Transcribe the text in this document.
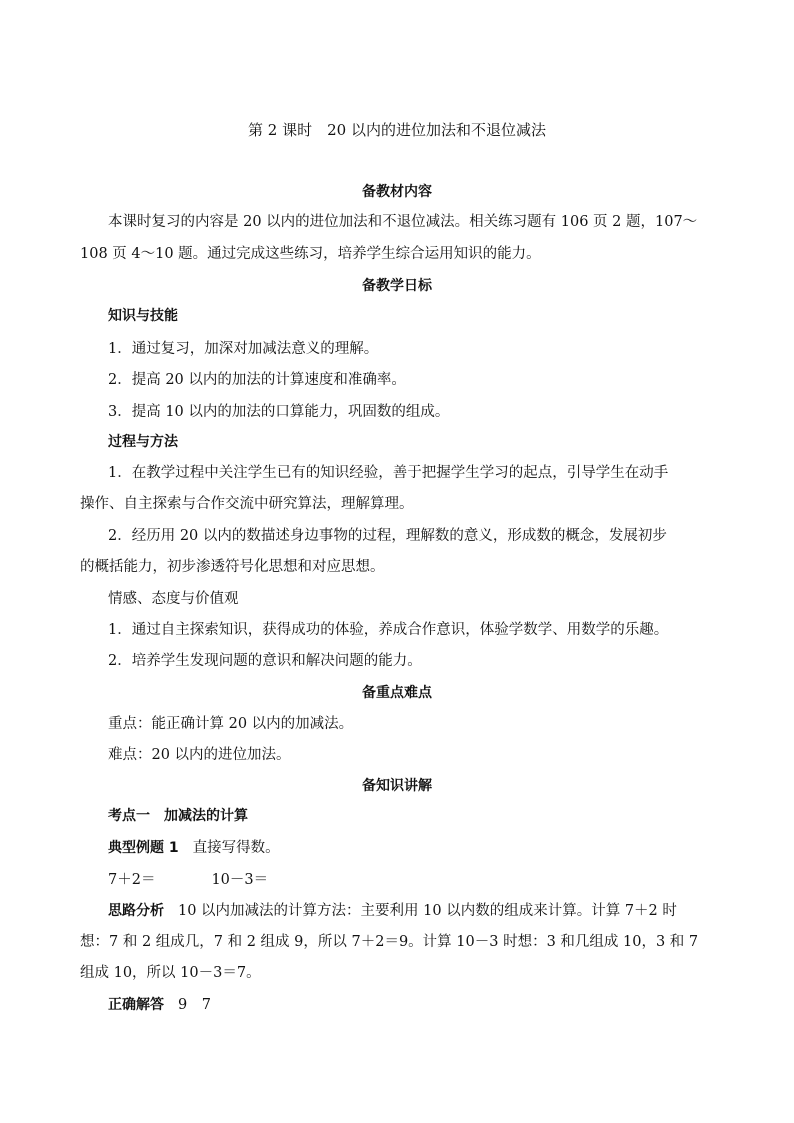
第 2 课时　20 以内的进位加法和不退位减法
备教材内容
本课时复习的内容是 20 以内的进位加法和不退位减法。相关练习题有 106 页 2 题，107～
108 页 4～10 题。通过完成这些练习，培养学生综合运用知识的能力。
备教学日标
知识与技能
1．通过复习，加深对加减法意义的理解。
2．提高 20 以内的加法的计算速度和准确率。
3．提高 10 以内的加法的口算能力，巩固数的组成。
过程与方法
1．在教学过程中关注学生已有的知识经验，善于把握学生学习的起点，引导学生在动手
操作、自主探索与合作交流中研究算法，理解算理。
2．经历用 20 以内的数描述身边事物的过程，理解数的意义，形成数的概念，发展初步
的概括能力，初步渗透符号化思想和对应思想。
情感、态度与价值观
1．通过自主探索知识，获得成功的体验，养成合作意识，体验学数学、用数学的乐趣。
2．培养学生发现问题的意识和解决问题的能力。
备重点难点
重点：能正确计算 20 以内的加减法。
难点：20 以内的进位加法。
备知识讲解
考点一 加减法的计算
典型例题 1 直接写得数。
7＋2＝	10－3＝
思路分析 10 以内加减法的计算方法：主要利用 10 以内数的组成来计算。计算 7＋2 时
想：7 和 2 组成几，7 和 2 组成 9，所以 7＋2＝9。计算 10－3 时想：3 和几组成 10，3 和 7
组成 10，所以 10－3＝7。
正确解答 9　7
